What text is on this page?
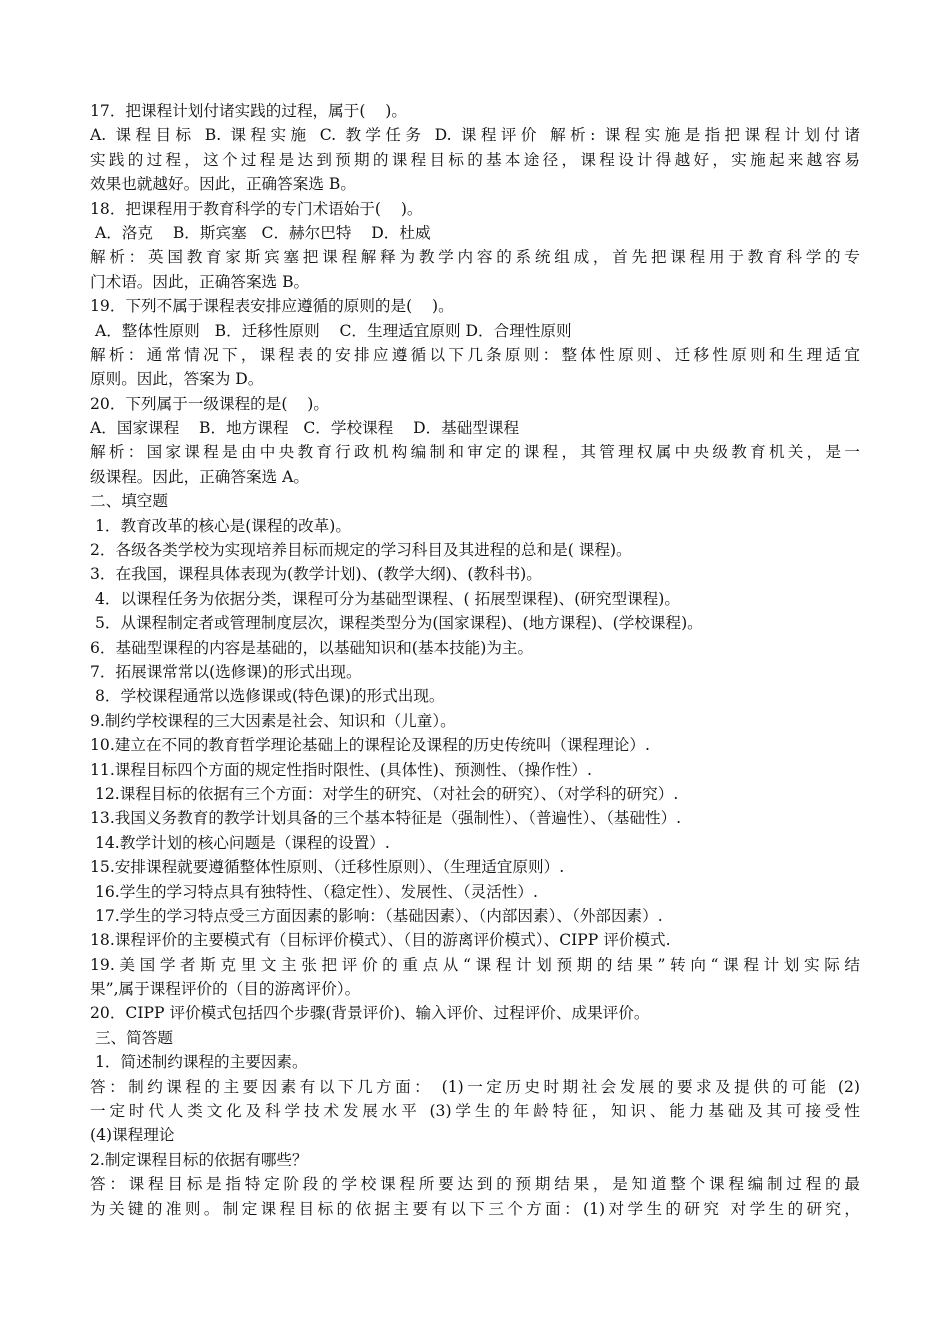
17．把课程计划付诸实践的过程，属于(    )。
A. 课程目标 B. 课程实施 C. 教学任务 D. 课程评价 解析: 课程实施是指把课程计划付诸
实践的过程，这个过程是达到预期的课程目标的基本途径，课程设计得越好，实施起来越容易
效果也就越好。因此，正确答案选 B。
18．把课程用于教育科学的专门术语始于(    )。
A．洛克    B．斯宾塞   C．赫尔巴特    D．杜威
解析：英国教育家斯宾塞把课程解释为教学内容的系统组成，首先把课程用于教育科学的专
门术语。因此，正确答案选 B。
19．下列不属于课程表安排应遵循的原则的是(    )。
A．整体性原则   B．迁移性原则    C．生理适宜原则 D．合理性原则
解析：通常情况下，课程表的安排应遵循以下几条原则：整体性原则、迁移性原则和生理适宜
原则。因此，答案为 D。
20．下列属于一级课程的是(    )。
A．国家课程    B．地方课程   C．学校课程    D．基础型课程
解析：国家课程是由中央教育行政机构编制和审定的课程，其管理权属中央级教育机关，是一
级课程。因此，正确答案选 A。
二、填空题
1．教育改革的核心是(课程的改革)。
2．各级各类学校为实现培养目标而规定的学习科目及其进程的总和是( 课程)。
3．在我国，课程具体表现为(教学计划)、(教学大纲)、(教科书)。
4．以课程任务为依据分类，课程可分为基础型课程、( 拓展型课程)、(研究型课程)。
5．从课程制定者或管理制度层次，课程类型分为(国家课程)、(地方课程)、(学校课程)。
6．基础型课程的内容是基础的，以基础知识和(基本技能)为主。
7．拓展课常常以(选修课)的形式出现。
8．学校课程通常以选修课或(特色课)的形式出现。
9.制约学校课程的三大因素是社会、知识和（儿童）。
10.建立在不同的教育哲学理论基础上的课程论及课程的历史传统叫（课程理论）.
11.课程目标四个方面的规定性指时限性、(具体性)、预测性、（操作性）.
12.课程目标的依据有三个方面：对学生的研究、（对社会的研究）、（对学科的研究）.
13.我国义务教育的教学计划具备的三个基本特征是（强制性）、（普遍性）、（基础性）.
14.教学计划的核心问题是（课程的设置）.
15.安排课程就要遵循整体性原则、（迁移性原则）、（生理适宜原则）.
16.学生的学习特点具有独特性、（稳定性）、发展性、（灵活性）.
17.学生的学习特点受三方面因素的影响：（基础因素）、（内部因素）、（外部因素）.
18.课程评价的主要模式有（目标评价模式）、（目的游离评价模式）、CIPP 评价模式.
19.美国学者斯克里文主张把评价的重点从“课程计划预期的结果”转向“课程计划实际结
果”,属于课程评价的（目的游离评价）。
20．CIPP 评价模式包括四个步骤(背景评价)、输入评价、过程评价、成果评价。
三、简答题
1．简述制约课程的主要因素。
答：制约课程的主要因素有以下几方面： (1)一定历史时期社会发展的要求及提供的可能 (2)
一定时代人类文化及科学技术发展水平 (3)学生的年龄特征，知识、能力基础及其可接受性
(4)课程理论
2.制定课程目标的依据有哪些？
答：课程目标是指特定阶段的学校课程所要达到的预期结果，是知道整个课程编制过程的最
为关键的准则。制定课程目标的依据主要有以下三个方面：(1)对学生的研究 对学生的研究，
